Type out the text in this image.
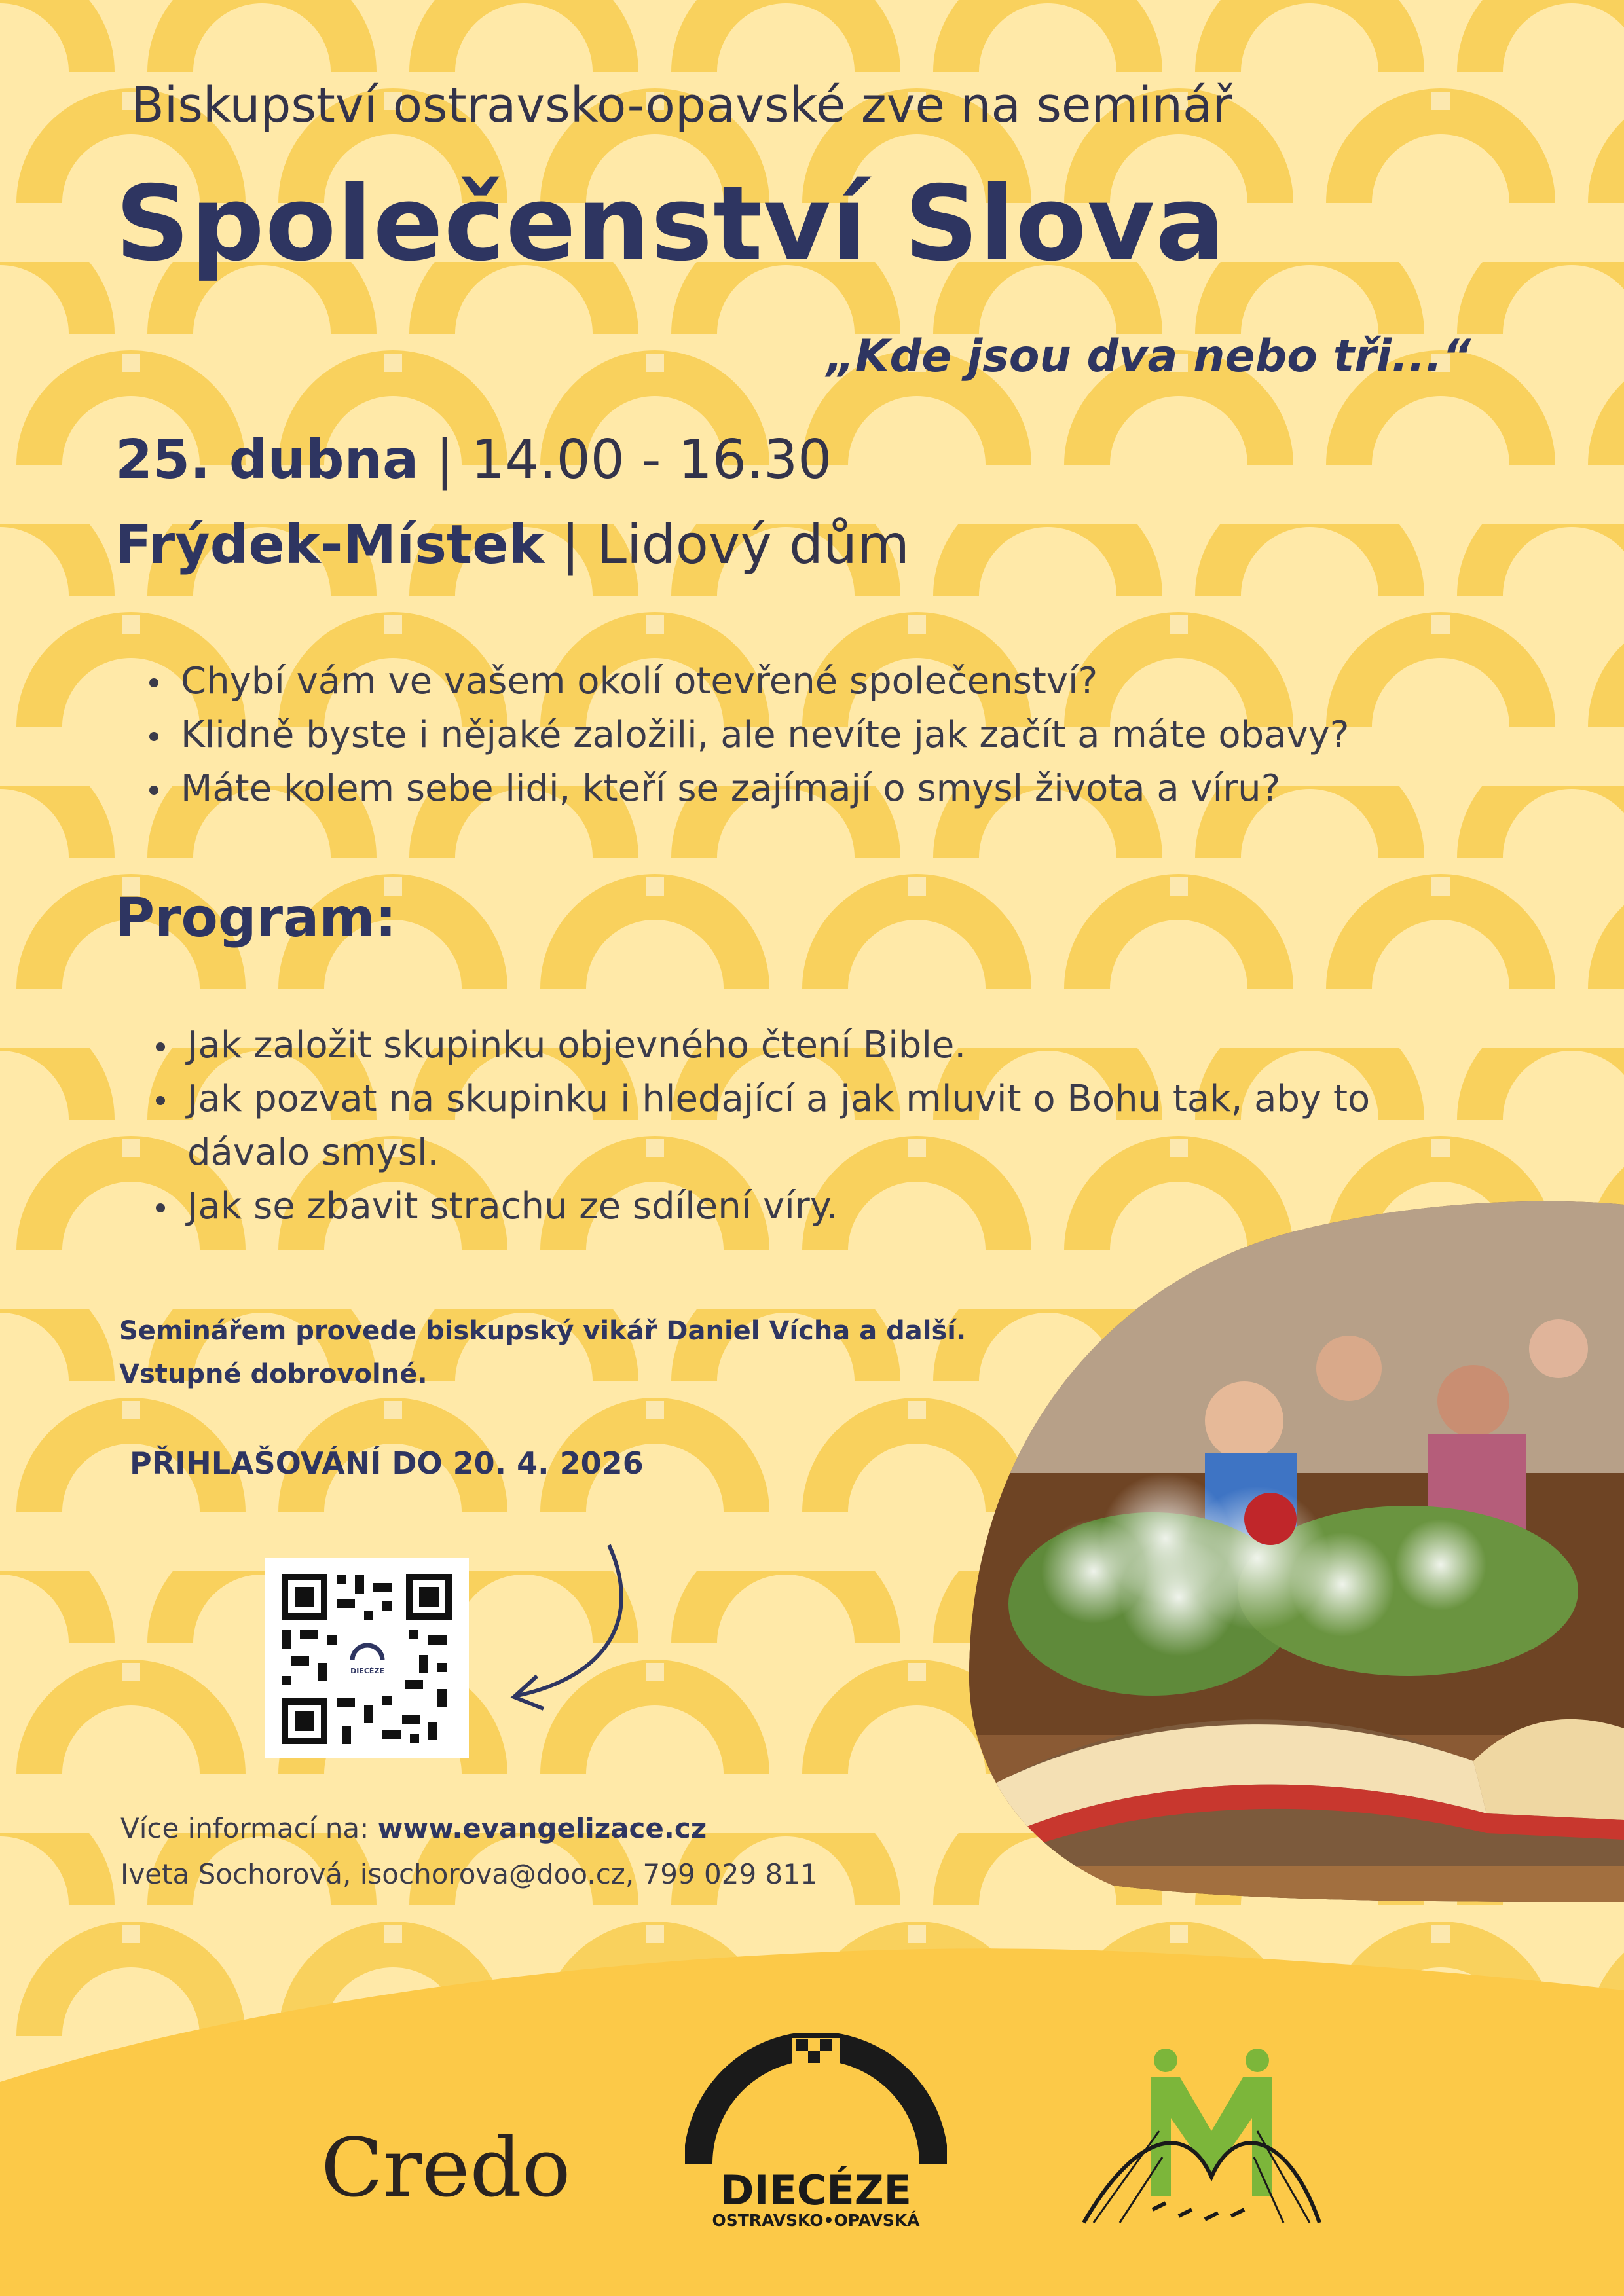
Biskupství ostravsko-opavské zve na seminář
Společenství Slova
„Kde jsou dva nebo tři...“
25. dubna | 14.00 - 16.30
Frýdek-Místek | Lidový dům
Chybí vám ve vašem okolí otevřené společenství?
Klidně byste i nějaké založili, ale nevíte jak začít a máte obavy?
Máte kolem sebe lidi, kteří se zajímají o smysl života a víru?
Program:
Jak založit skupinku objevného čtení Bible.
Jak pozvat na skupinku i hledající a jak mluvit o Bohu tak, aby to dávalo smysl.
Jak se zbavit strachu ze sdílení víry.
Seminářem provede biskupský vikář Daniel Vícha a další.
Vstupné dobrovolné.
PŘIHLAŠOVÁNÍ DO 20. 4. 2026
DIECÉZE
Více informací na: www.evangelizace.cz
Iveta Sochorová, isochorova@doo.cz, 799 029 811
Credo	DIECÉZE
OSTRAVSKO•OPAVSKÁ
